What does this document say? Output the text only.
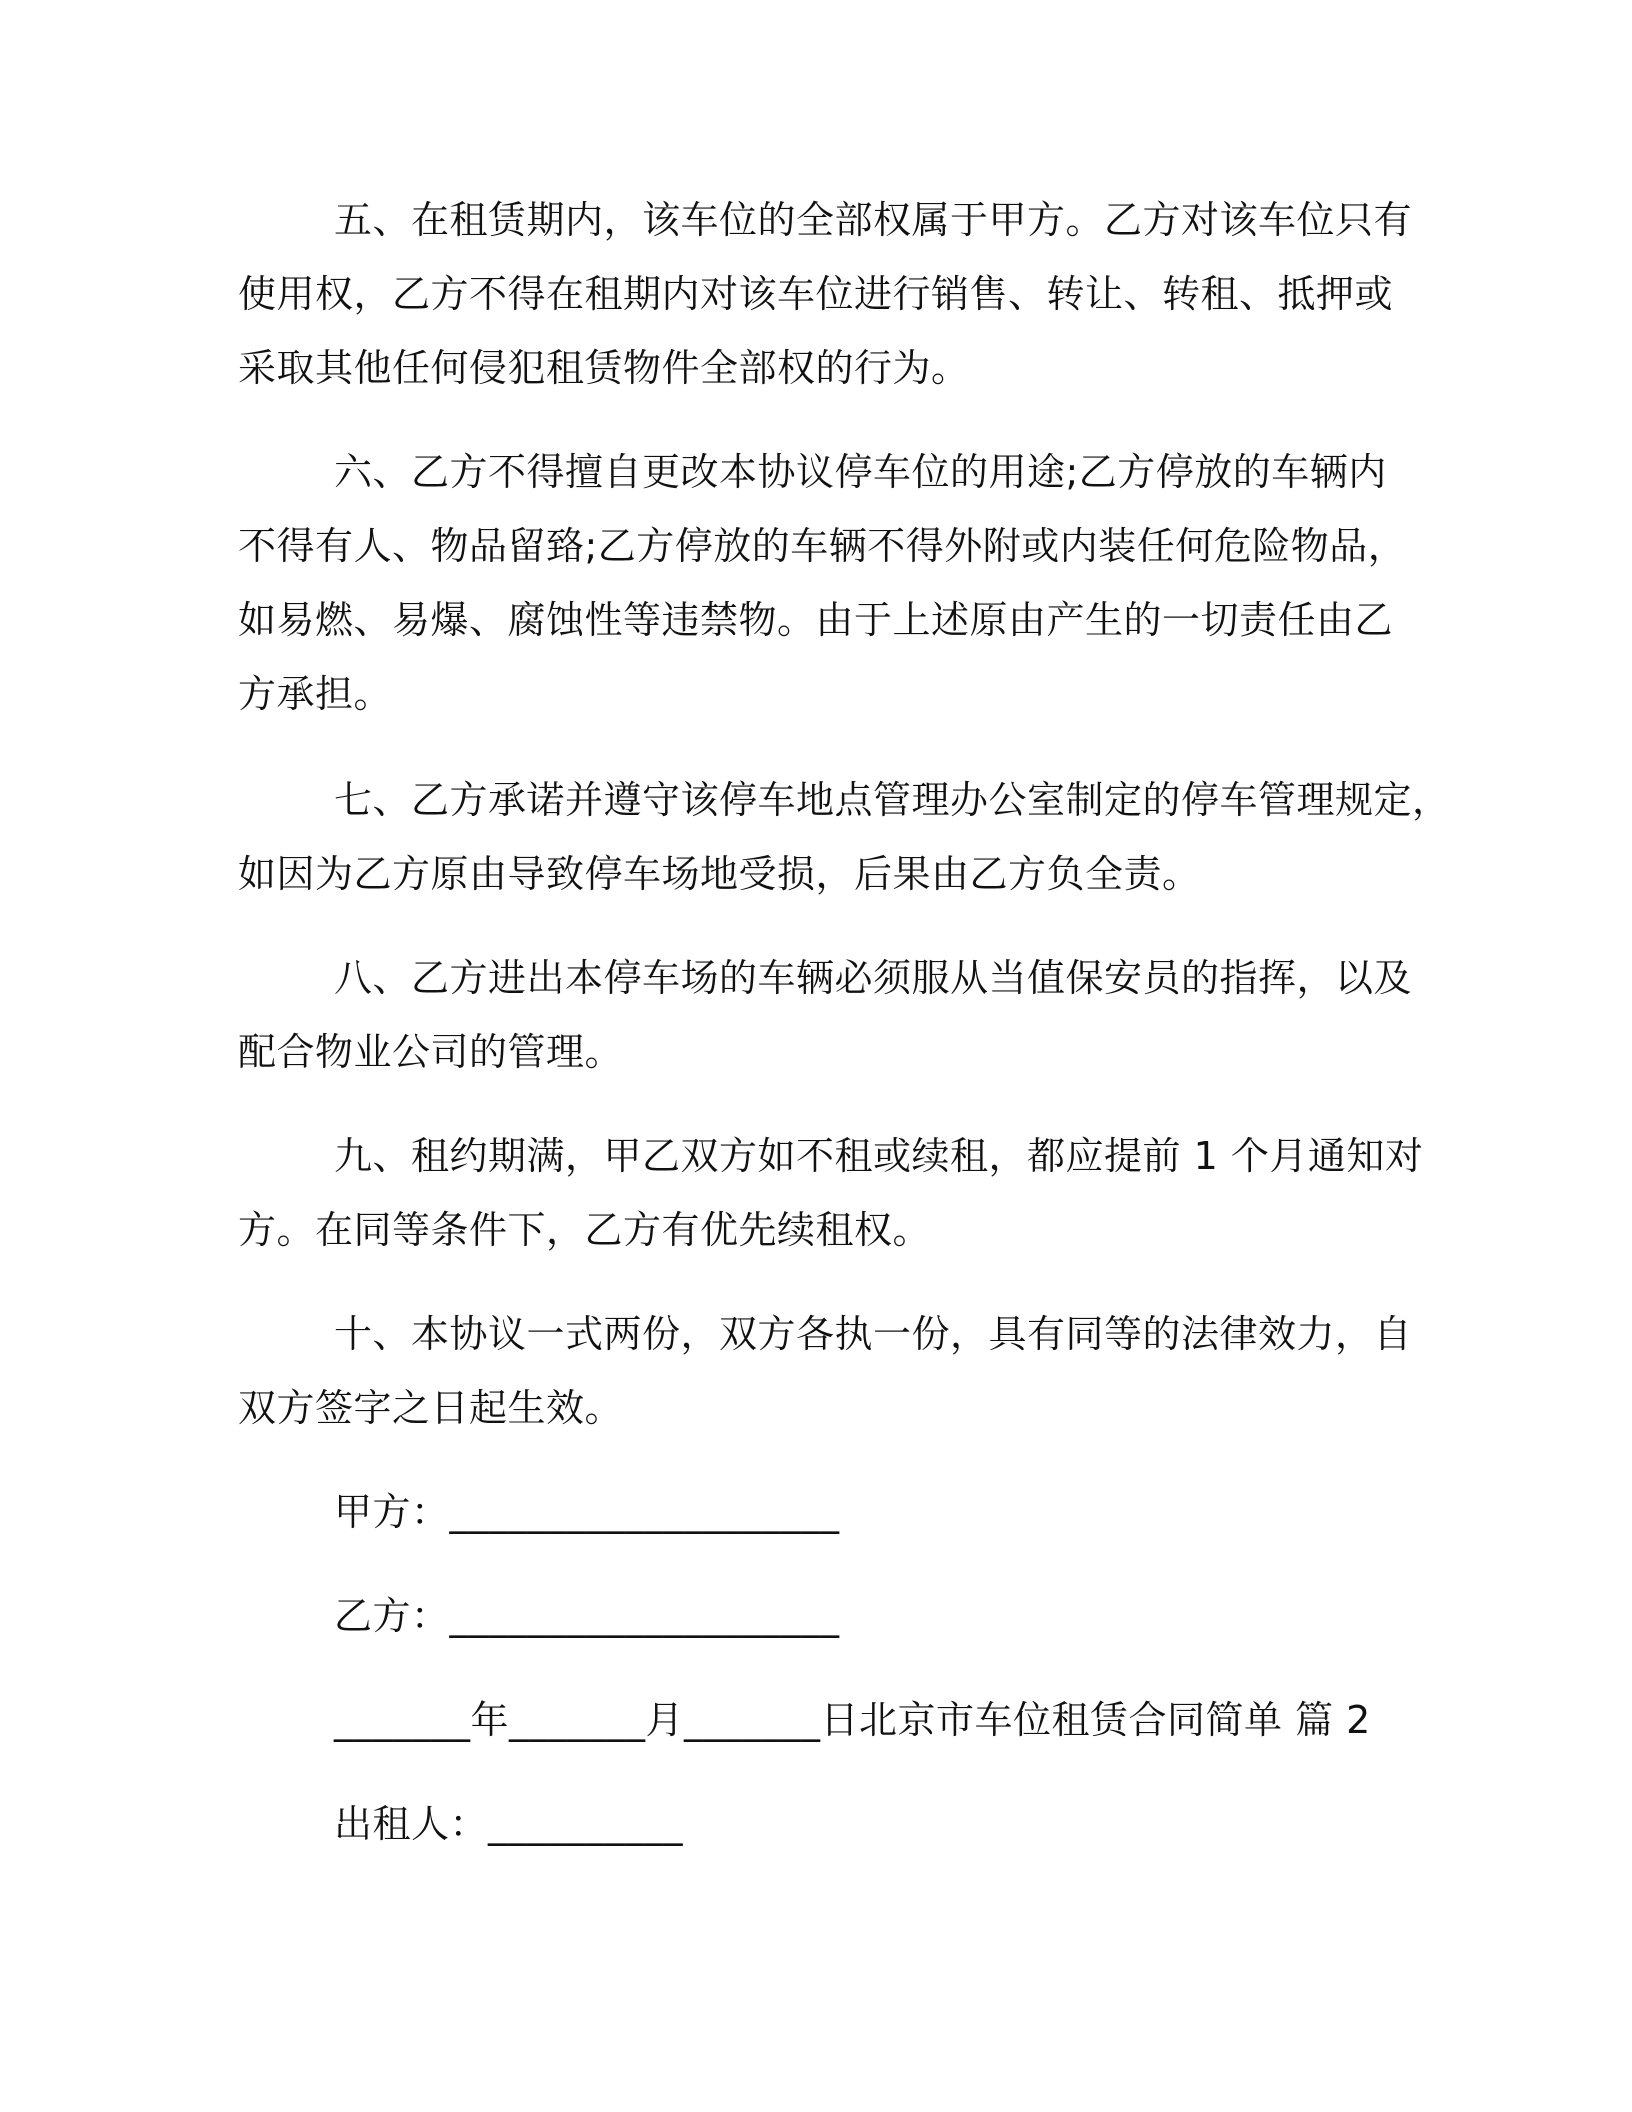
五、在租赁期内，该车位的全部权属于甲方。乙方对该车位只有
使用权，乙方不得在租期内对该车位进行销售、转让、转租、抵押或
采取其他任何侵犯租赁物件全部权的行为。
六、乙方不得擅自更改本协议停车位的用途;乙方停放的车辆内
不得有人、物品留臵;乙方停放的车辆不得外附或内装任何危险物品，
如易燃、易爆、腐蚀性等违禁物。由于上述原由产生的一切责任由乙
方承担。
七、乙方承诺并遵守该停车地点管理办公室制定的停车管理规定，
如因为乙方原由导致停车场地受损，后果由乙方负全责。
八、乙方进出本停车场的车辆必须服从当值保安员的指挥，以及
配合物业公司的管理。
九、租约期满，甲乙双方如不租或续租，都应提前 1 个月通知对
方。在同等条件下，乙方有优先续租权。
十、本协议一式两份，双方各执一份，具有同等的法律效力，自
双方签字之日起生效。
甲方：____________________
乙方：____________________
_______年_______月_______日北京市车位租赁合同简单 篇 2
出租人：__________
